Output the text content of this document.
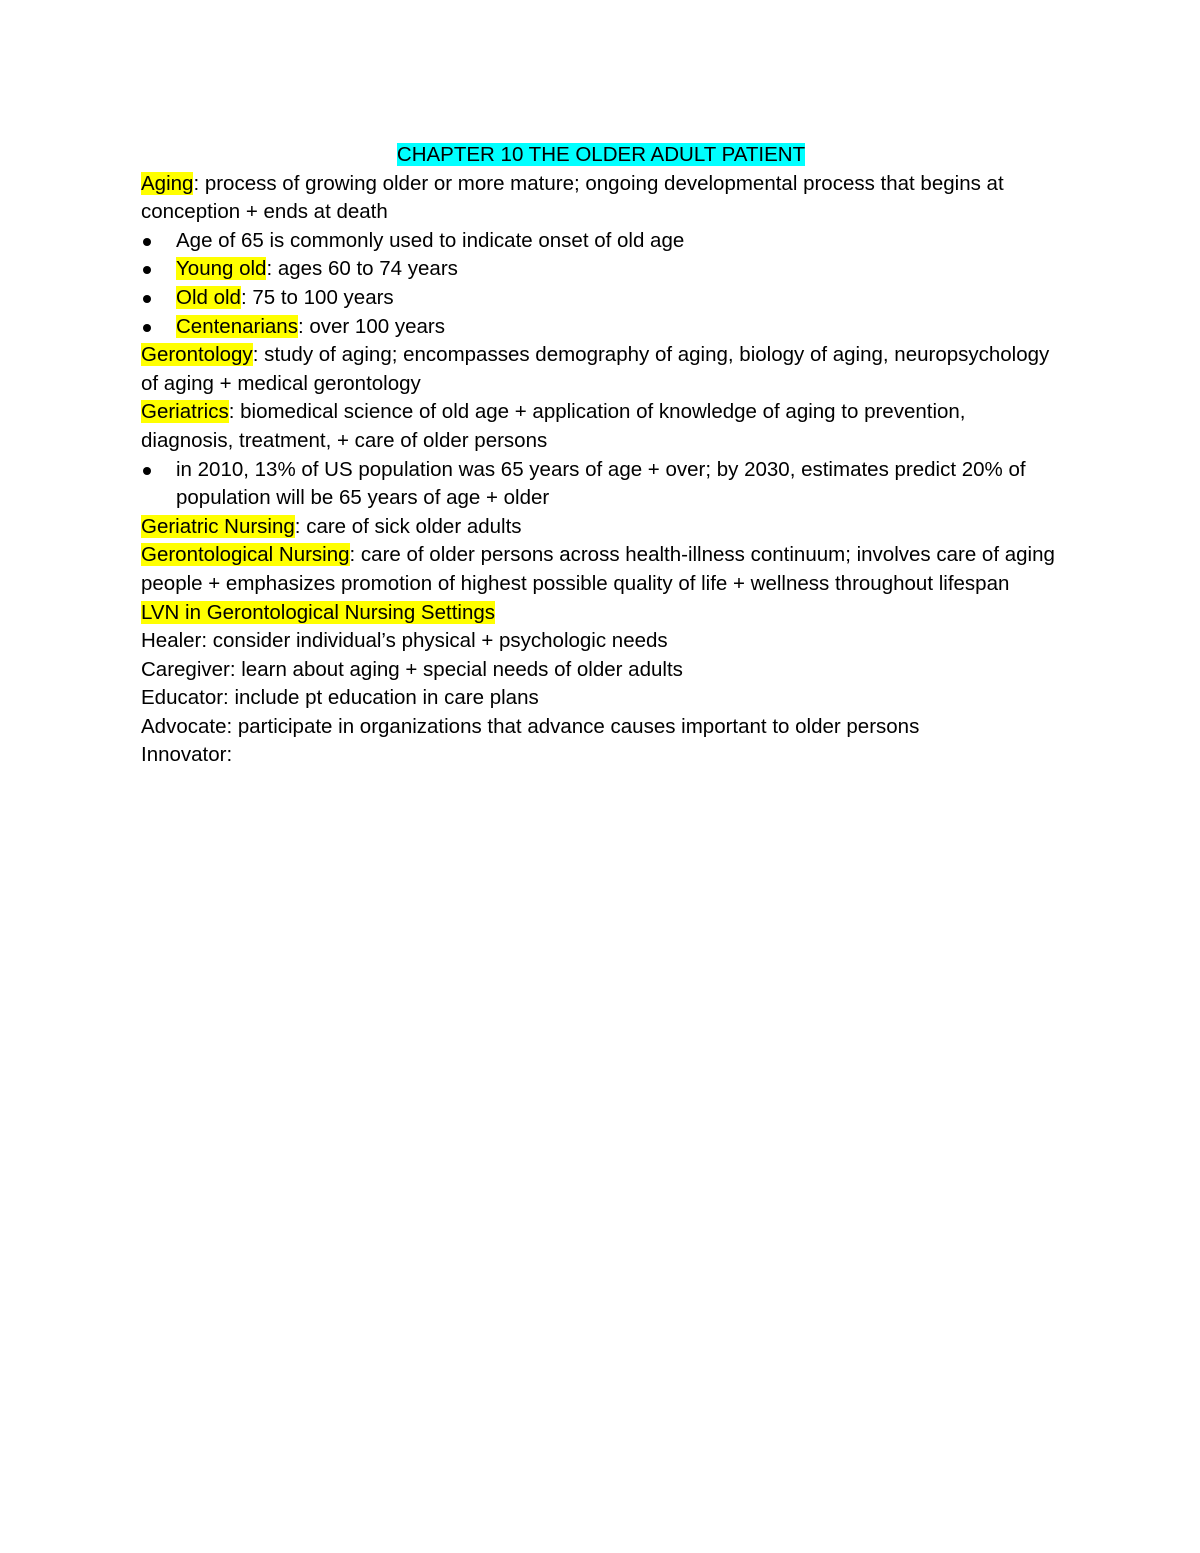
CHAPTER 10 THE OLDER ADULT PATIENT

Aging: process of growing older or more mature; ongoing developmental process that begins at conception + ends at death

Age of 65 is commonly used to indicate onset of old age
Young old: ages 60 to 74 years
Old old: 75 to 100 years
Centenarians: over 100 years

Gerontology: study of aging; encompasses demography of aging, biology of aging, neuropsychology of aging + medical gerontology

Geriatrics: biomedical science of old age + application of knowledge of aging to prevention, diagnosis, treatment, + care of older persons

in 2010, 13% of US population was 65 years of age + over; by 2030, estimates predict 20% of population will be 65 years of age + older

Geriatric Nursing: care of sick older adults

Gerontological Nursing: care of older persons across health-illness continuum; involves care of aging people + emphasizes promotion of highest possible quality of life + wellness throughout lifespan

LVN in Gerontological Nursing Settings

Healer: consider individual’s physical + psychologic needs

Caregiver: learn about aging + special needs of older adults

Educator: include pt education in care plans

Advocate: participate in organizations that advance causes important to older persons

Innovator:
